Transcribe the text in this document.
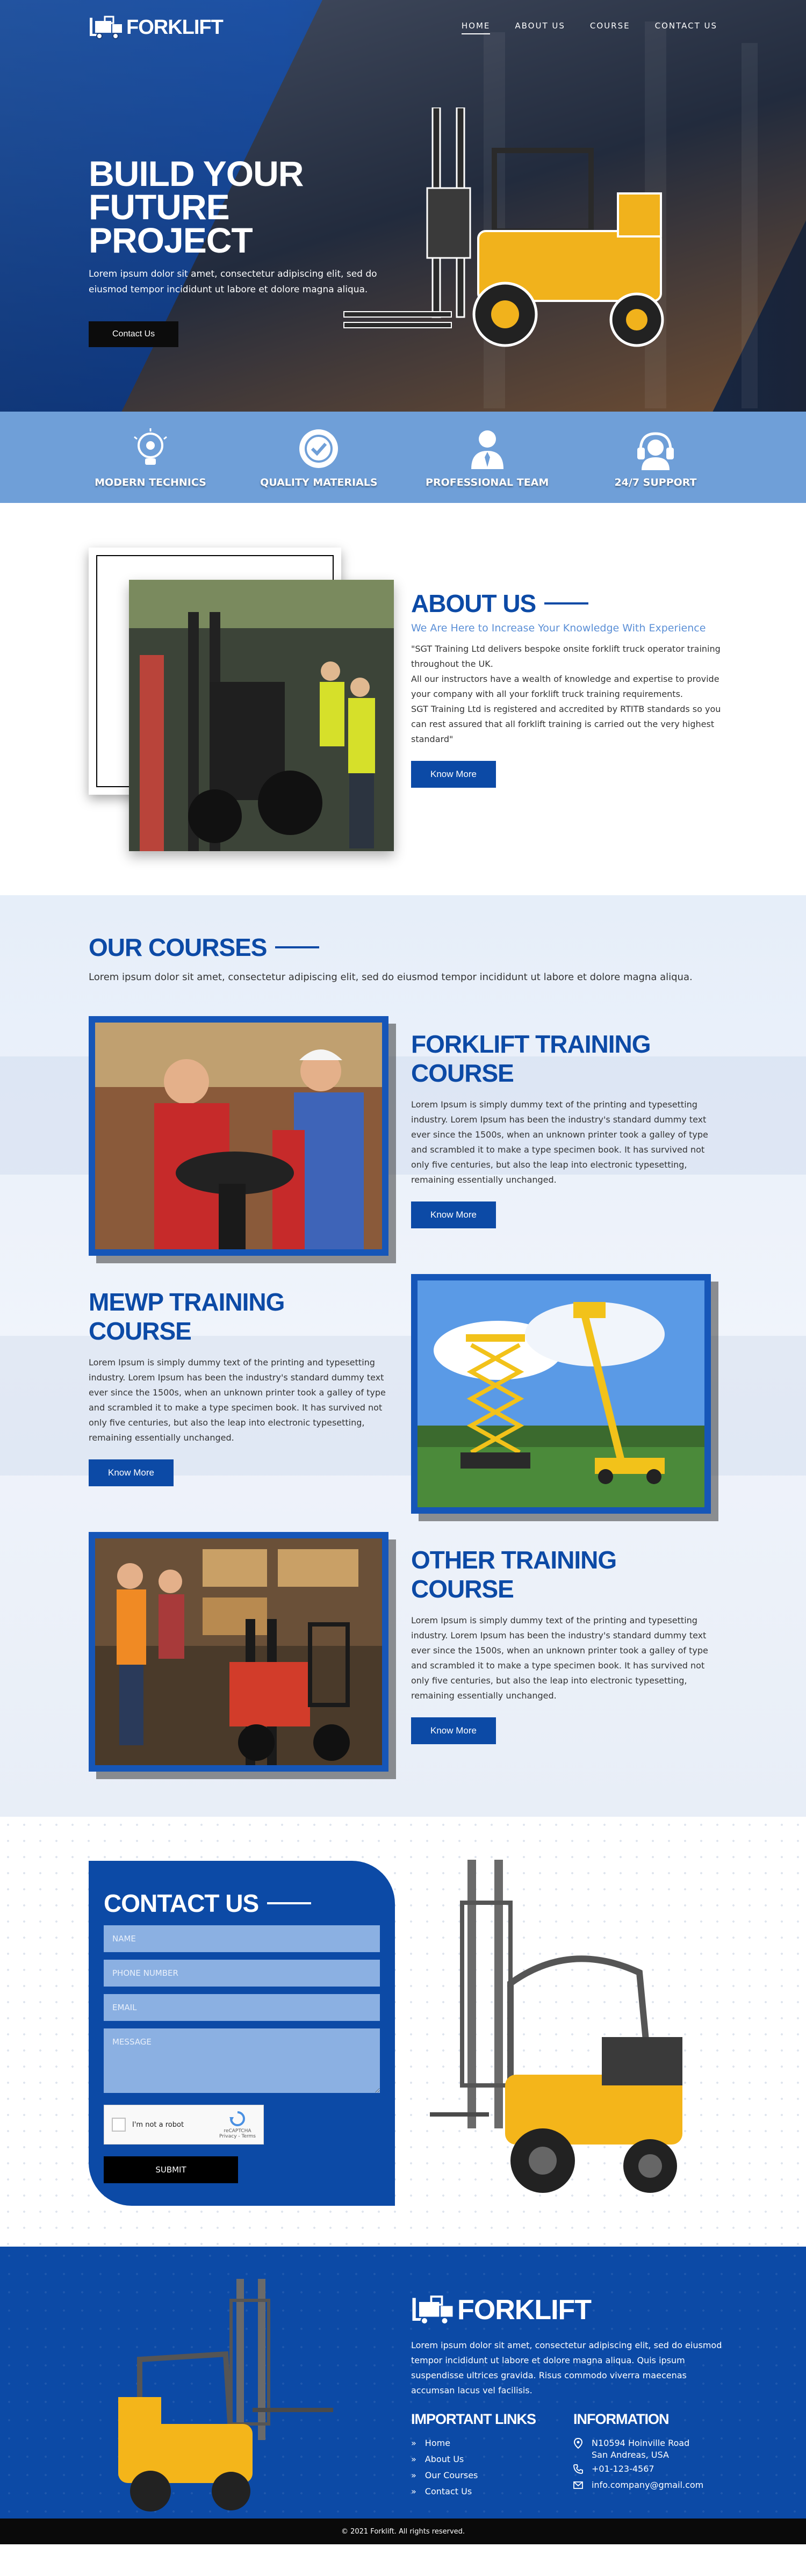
FORKLIFT	HOME	ABOUT US	COURSE	CONTACT US
BUILD YOUR
FUTURE PROJECT

Lorem ipsum dolor sit amet, consectetur adipiscing elit, sed do eiusmod tempor incididunt ut labore et dolore magna aliqua.

Contact Us
MODERN TECHNICS	QUALITY MATERIALS	PROFESSIONAL TEAM	24/7 SUPPORT
ABOUT US

We Are Here to Increase Your Knowledge With Experience

"SGT Training Ltd delivers bespoke onsite forklift truck operator training throughout the UK.

All our instructors have a wealth of knowledge and expertise to provide your company with all your forklift truck training requirements.

SGT Training Ltd is registered and accredited by RTITB standards so you can rest assured that all forklift training is carried out the very highest standard"

Know More
OUR COURSES

Lorem ipsum dolor sit amet, consectetur adipiscing elit, sed do eiusmod tempor incididunt ut labore et dolore magna aliqua.

FORKLIFT TRAINING COURSE

Lorem Ipsum is simply dummy text of the printing and typesetting industry. Lorem Ipsum has been the industry's standard dummy text ever since the 1500s, when an unknown printer took a galley of type and scrambled it to make a type specimen book. It has survived not only five centuries, but also the leap into electronic typesetting, remaining essentially unchanged.

Know More
MEWP TRAINING COURSE

Lorem Ipsum is simply dummy text of the printing and typesetting industry. Lorem Ipsum has been the industry's standard dummy text ever since the 1500s, when an unknown printer took a galley of type and scrambled it to make a type specimen book. It has survived not only five centuries, but also the leap into electronic typesetting, remaining essentially unchanged.

Know More
OTHER TRAINING COURSE

Lorem Ipsum is simply dummy text of the printing and typesetting industry. Lorem Ipsum has been the industry's standard dummy text ever since the 1500s, when an unknown printer took a galley of type and scrambled it to make a type specimen book. It has survived not only five centuries, but also the leap into electronic typesetting, remaining essentially unchanged.

Know More
CONTACT US
NAME
PHONE NUMBER
EMAIL
MESSAGE
I'm not a robot
reCAPTCHA
Privacy - Terms
SUBMIT
FORKLIFT

Lorem ipsum dolor sit amet, consectetur adipiscing elit, sed do eiusmod tempor incididunt ut labore et dolore magna aliqua. Quis ipsum suspendisse ultrices gravida. Risus commodo viverra maecenas accumsan lacus vel facilisis.

IMPORTANT LINKS
» Home
» About Us
» Our Courses
» Contact Us
INFORMATION
N10594 Hoinville Road
San Andreas, USA
+01-123-4567
info.company@gmail.com
© 2021 Forklift. All rights reserved.
